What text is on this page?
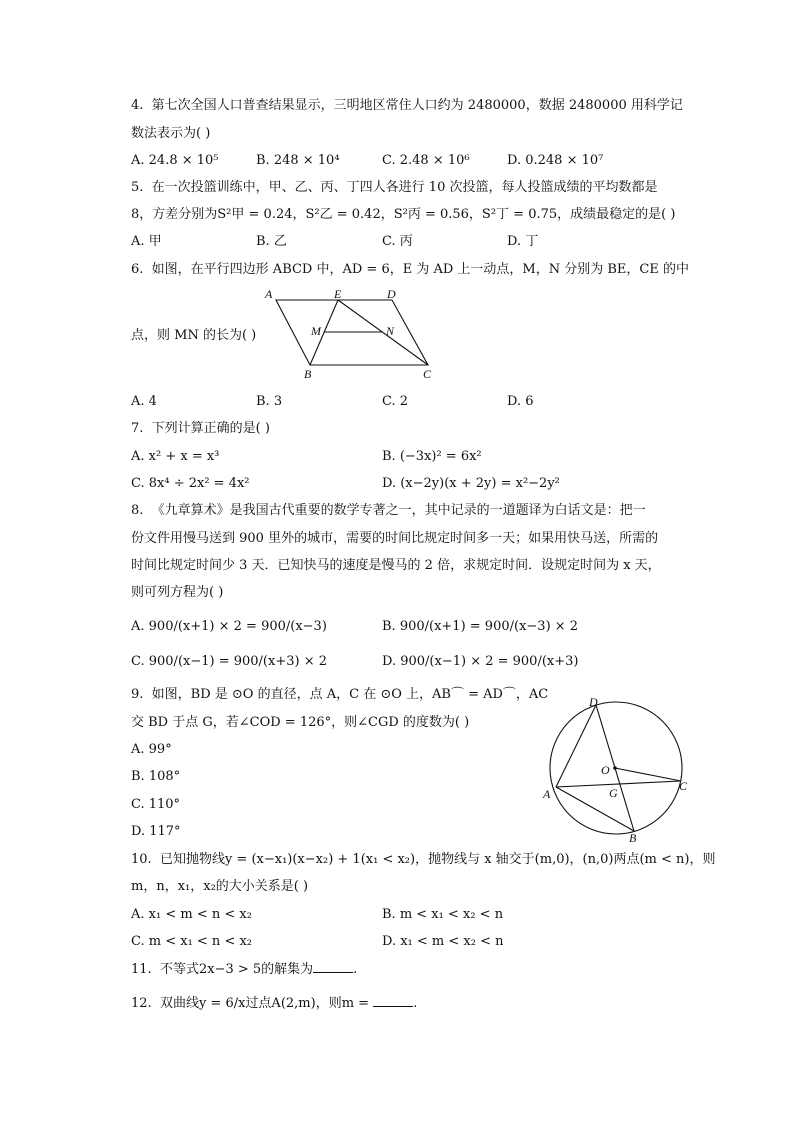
4. 第七次全国人口普查结果显示，三明地区常住人口约为 2480000，数据 2480000 用科学记
数法表示为( )
A. 24.8 × 10⁵	B. 248 × 10⁴	C. 2.48 × 10⁶	D. 0.248 × 10⁷
5. 在一次投篮训练中，甲、乙、丙、丁四人各进行 10 次投篮，每人投篮成绩的平均数都是
8，方差分别为S²甲 = 0.24，S²乙 = 0.42，S²丙 = 0.56，S²丁 = 0.75，成绩最稳定的是( )
A. 甲	B. 乙	C. 丙	D. 丁
6. 如图，在平行四边形 ABCD 中，AD = 6，E 为 AD 上一动点，M，N 分别为 BE，CE 的中
点，则 MN 的长为( )
A	E	D
M	N
B	C
A. 4	B. 3	C. 2	D. 6
7. 下列计算正确的是( )
A. x² + x = x³	B. (−3x)² = 6x²
C. 8x⁴ ÷ 2x² = 4x²	D. (x−2y)(x + 2y) = x²−2y²
8. 《九章算术》是我国古代重要的数学专著之一，其中记录的一道题译为白话文是：把一
份文件用慢马送到 900 里外的城市，需要的时间比规定时间多一天；如果用快马送，所需的
时间比规定时间少 3 天．已知快马的速度是慢马的 2 倍，求规定时间．设规定时间为 x 天，
则可列方程为( )
A. 900/(x+1) × 2 = 900/(x−3)	B. 900/(x+1) = 900/(x−3) × 2
C. 900/(x−1) = 900/(x+3) × 2	D. 900/(x−1) × 2 = 900/(x+3)
9. 如图，BD 是 ⊙O 的直径，点 A，C 在 ⊙O 上，AB⌒ = AD⌒，AC
交 BD 于点 G，若∠COD = 126°，则∠CGD 的度数为( )
A. 99°
B. 108°
C. 110°
D. 117°
D
O
A	G	C
B
10. 已知抛物线y = (x−x₁)(x−x₂) + 1(x₁ < x₂)，抛物线与 x 轴交于(m,0)，(n,0)两点(m < n)，则
m，n，x₁，x₂的大小关系是( )
A. x₁ < m < n < x₂	B. m < x₁ < x₂ < n
C. m < x₁ < n < x₂	D. x₁ < m < x₂ < n
11. 不等式2x−3 > 5的解集为	.
12. 双曲线y = 6/x过点A(2,m)，则m =	.
